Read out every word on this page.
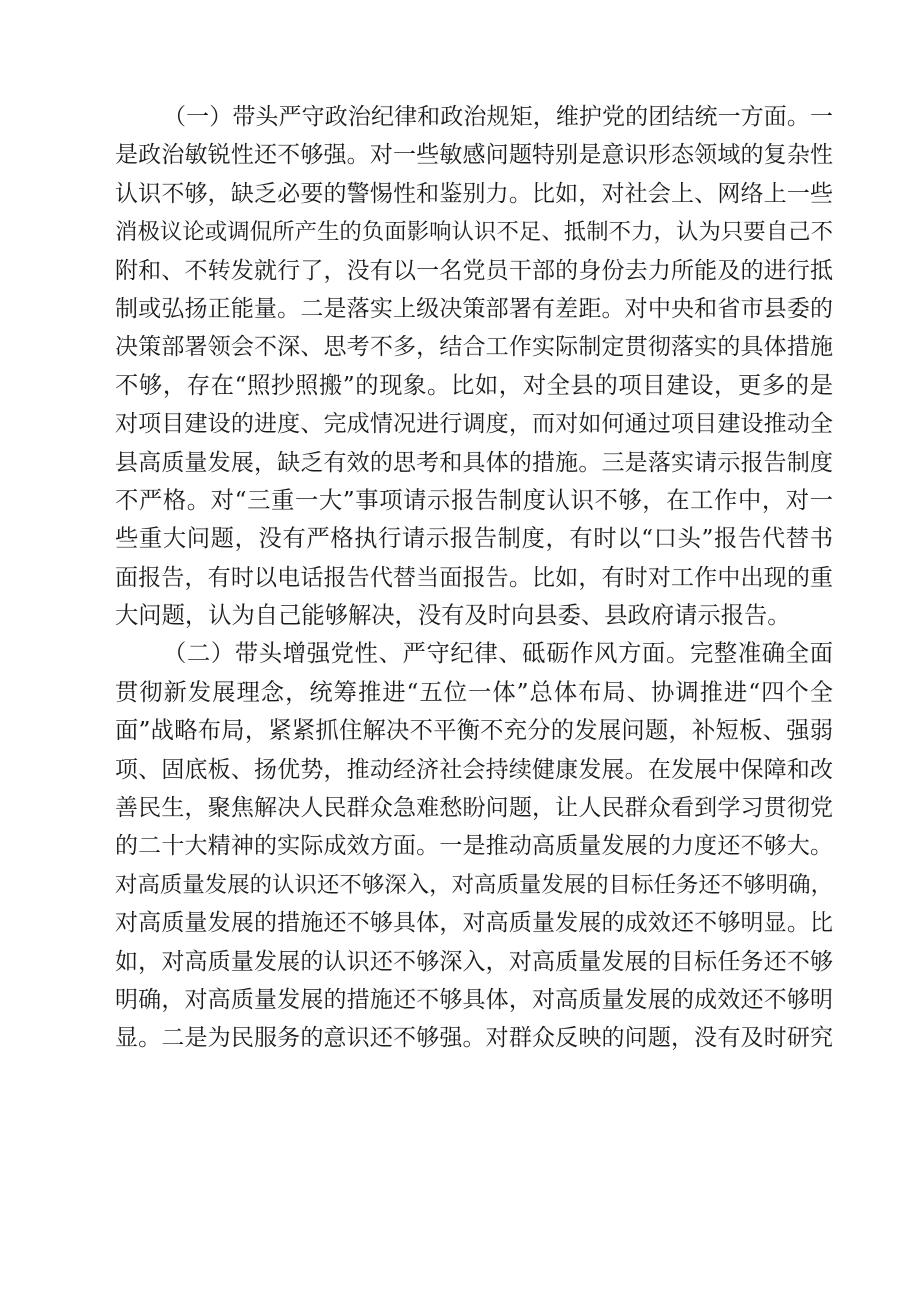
（一）带头严守政治纪律和政治规矩，维护党的团结统一方面。一
是政治敏锐性还不够强。对一些敏感问题特别是意识形态领域的复杂性
认识不够，缺乏必要的警惕性和鉴别力。比如，对社会上、网络上一些
消极议论或调侃所产生的负面影响认识不足、抵制不力，认为只要自己不
附和、不转发就行了，没有以一名党员干部的身份去力所能及的进行抵
制或弘扬正能量。二是落实上级决策部署有差距。对中央和省市县委的
决策部署领会不深、思考不多，结合工作实际制定贯彻落实的具体措施
不够，存在“照抄照搬”的现象。比如，对全县的项目建设，更多的是
对项目建设的进度、完成情况进行调度，而对如何通过项目建设推动全
县高质量发展，缺乏有效的思考和具体的措施。三是落实请示报告制度
不严格。对“三重一大”事项请示报告制度认识不够，在工作中，对一
些重大问题，没有严格执行请示报告制度，有时以“口头”报告代替书
面报告，有时以电话报告代替当面报告。比如，有时对工作中出现的重
大问题，认为自己能够解决，没有及时向县委、县政府请示报告。
（二）带头增强党性、严守纪律、砥砺作风方面。完整准确全面
贯彻新发展理念，统筹推进“五位一体”总体布局、协调推进“四个全
面”战略布局，紧紧抓住解决不平衡不充分的发展问题，补短板、强弱
项、固底板、扬优势，推动经济社会持续健康发展。在发展中保障和改
善民生，聚焦解决人民群众急难愁盼问题，让人民群众看到学习贯彻党
的二十大精神的实际成效方面。一是推动高质量发展的力度还不够大。
对高质量发展的认识还不够深入，对高质量发展的目标任务还不够明确，
对高质量发展的措施还不够具体，对高质量发展的成效还不够明显。比
如，对高质量发展的认识还不够深入，对高质量发展的目标任务还不够
明确，对高质量发展的措施还不够具体，对高质量发展的成效还不够明
显。二是为民服务的意识还不够强。对群众反映的问题，没有及时研究
